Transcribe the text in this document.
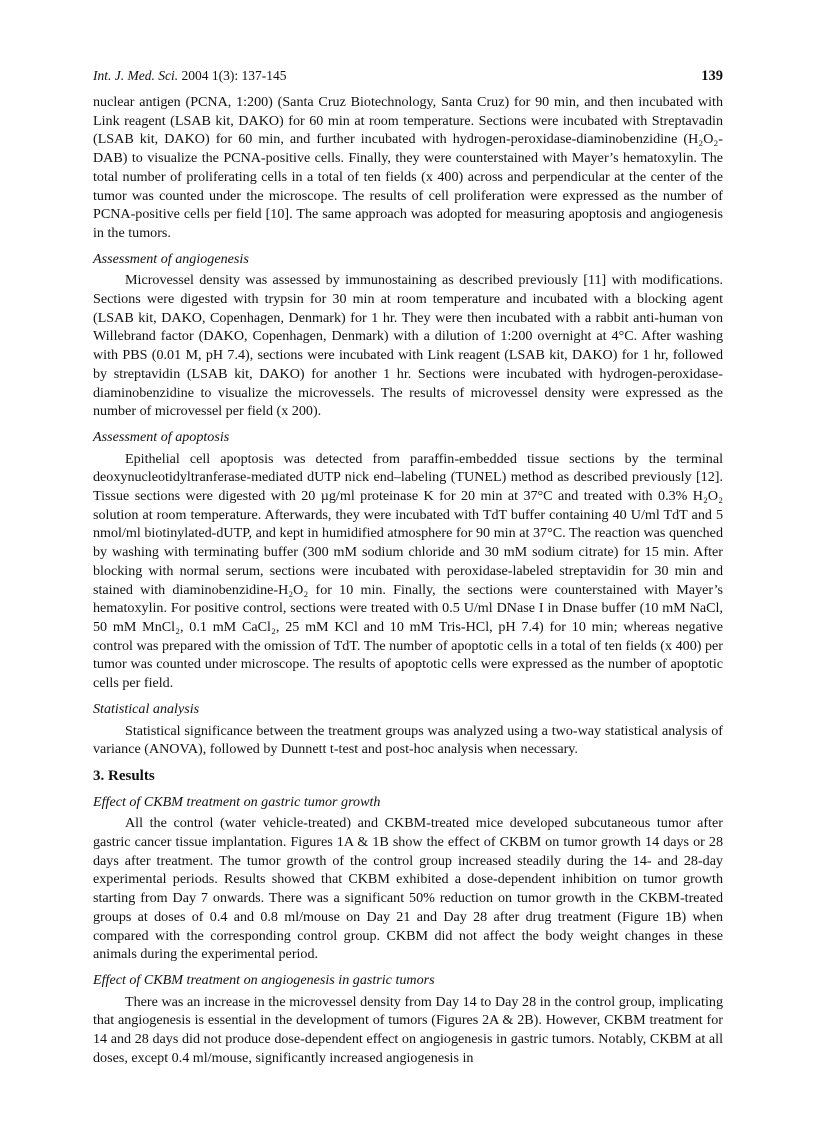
Int. J. Med. Sci. 2004 1(3): 137-145	139

nuclear antigen (PCNA, 1:200) (Santa Cruz Biotechnology, Santa Cruz) for 90 min, and then incubated with Link reagent (LSAB kit, DAKO) for 60 min at room temperature. Sections were incubated with Streptavadin (LSAB kit, DAKO) for 60 min, and further incubated with hydrogen-peroxidase-diaminobenzidine (H₂O₂-DAB) to visualize the PCNA-positive cells. Finally, they were counterstained with Mayer’s hematoxylin. The total number of proliferating cells in a total of ten fields (x 400) across and perpendicular at the center of the tumor was counted under the microscope. The results of cell proliferation were expressed as the number of PCNA-positive cells per field [10]. The same approach was adopted for measuring apoptosis and angiogenesis in the tumors.

Assessment of angiogenesis

Microvessel density was assessed by immunostaining as described previously [11] with modifications. Sections were digested with trypsin for 30 min at room temperature and incubated with a blocking agent (LSAB kit, DAKO, Copenhagen, Denmark) for 1 hr. They were then incubated with a rabbit anti-human von Willebrand factor (DAKO, Copenhagen, Denmark) with a dilution of 1:200 overnight at 4°C. After washing with PBS (0.01 M, pH 7.4), sections were incubated with Link reagent (LSAB kit, DAKO) for 1 hr, followed by streptavidin (LSAB kit, DAKO) for another 1 hr. Sections were incubated with hydrogen-peroxidase-diaminobenzidine to visualize the microvessels. The results of microvessel density were expressed as the number of microvessel per field (x 200).

Assessment of apoptosis

Epithelial cell apoptosis was detected from paraffin-embedded tissue sections by the terminal deoxynucleotidyltranferase-mediated dUTP nick end–labeling (TUNEL) method as described previously [12]. Tissue sections were digested with 20 µg/ml proteinase K for 20 min at 37°C and treated with 0.3% H₂O₂ solution at room temperature. Afterwards, they were incubated with TdT buffer containing 40 U/ml TdT and 5 nmol/ml biotinylated-dUTP, and kept in humidified atmosphere for 90 min at 37°C. The reaction was quenched by washing with terminating buffer (300 mM sodium chloride and 30 mM sodium citrate) for 15 min. After blocking with normal serum, sections were incubated with peroxidase-labeled streptavidin for 30 min and stained with diaminobenzidine-H₂O₂ for 10 min. Finally, the sections were counterstained with Mayer’s hematoxylin. For positive control, sections were treated with 0.5 U/ml DNase I in Dnase buffer (10 mM NaCl, 50 mM MnCl₂, 0.1 mM CaCl₂, 25 mM KCl and 10 mM Tris-HCl, pH 7.4) for 10 min; whereas negative control was prepared with the omission of TdT. The number of apoptotic cells in a total of ten fields (x 400) per tumor was counted under microscope. The results of apoptotic cells were expressed as the number of apoptotic cells per field.

Statistical analysis

Statistical significance between the treatment groups was analyzed using a two-way statistical analysis of variance (ANOVA), followed by Dunnett t-test and post-hoc analysis when necessary.

3. Results
Effect of CKBM treatment on gastric tumor growth

All the control (water vehicle-treated) and CKBM-treated mice developed subcutaneous tumor after gastric cancer tissue implantation. Figures 1A & 1B show the effect of CKBM on tumor growth 14 days or 28 days after treatment. The tumor growth of the control group increased steadily during the 14- and 28-day experimental periods. Results showed that CKBM exhibited a dose-dependent inhibition on tumor growth starting from Day 7 onwards. There was a significant 50% reduction on tumor growth in the CKBM-treated groups at doses of 0.4 and 0.8 ml/mouse on Day 21 and Day 28 after drug treatment (Figure 1B) when compared with the corresponding control group. CKBM did not affect the body weight changes in these animals during the experimental period.

Effect of CKBM treatment on angiogenesis in gastric tumors

There was an increase in the microvessel density from Day 14 to Day 28 in the control group, implicating that angiogenesis is essential in the development of tumors (Figures 2A & 2B). However, CKBM treatment for 14 and 28 days did not produce dose-dependent effect on angiogenesis in gastric tumors. Notably, CKBM at all doses, except 0.4 ml/mouse, significantly increased angiogenesis in
